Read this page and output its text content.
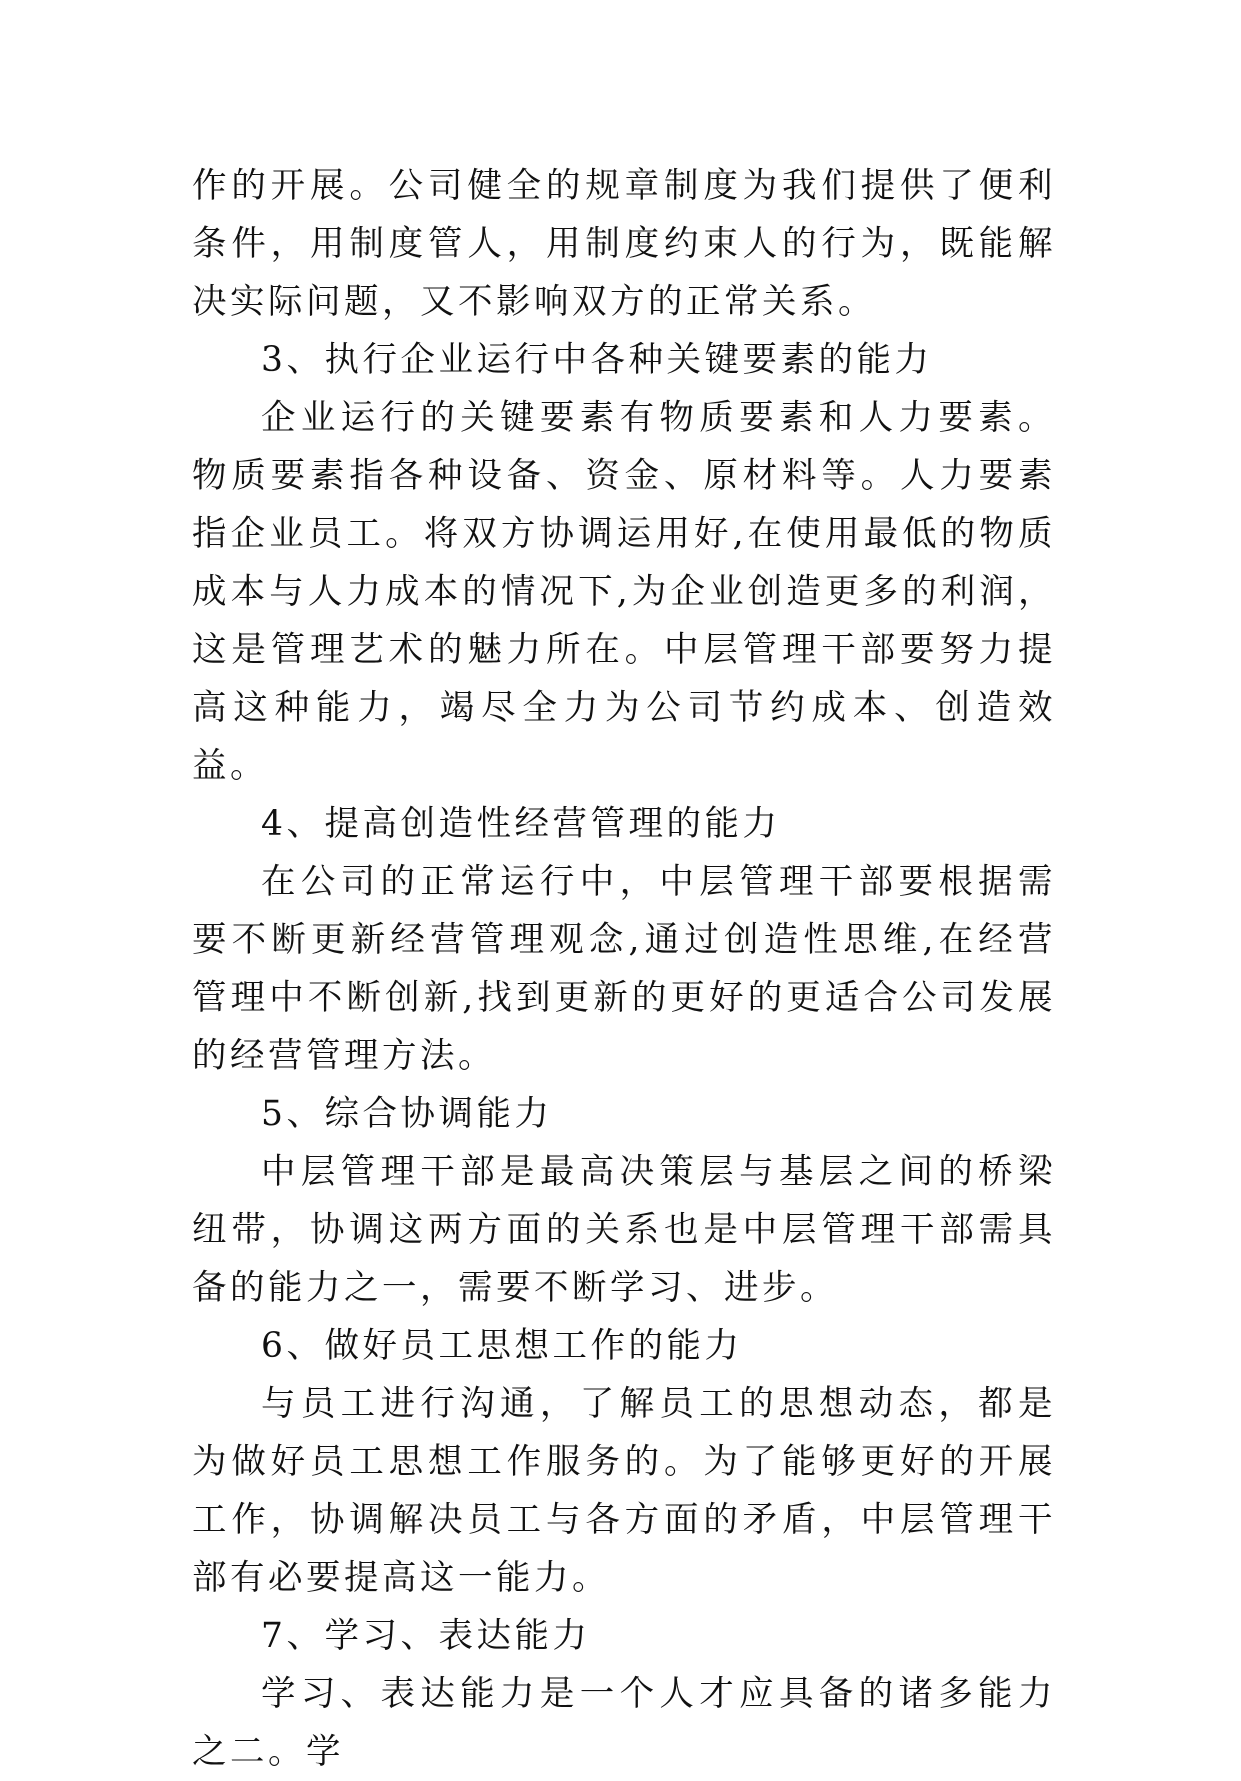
作的开展。公司健全的规章制度为我们提供了便利条件，用制度管人，用制度约束人的行为，既能解决实际问题，又不影响双方的正常关系。

3、执行企业运行中各种关键要素的能力

企业运行的关键要素有物质要素和人力要素。物质要素指各种设备、资金、原材料等。人力要素指企业员工。将双方协调运用好,在使用最低的物质成本与人力成本的情况下,为企业创造更多的利润，这是管理艺术的魅力所在。中层管理干部要努力提高这种能力，竭尽全力为公司节约成本、创造效益。

4、提高创造性经营管理的能力

在公司的正常运行中，中层管理干部要根据需要不断更新经营管理观念,通过创造性思维,在经营管理中不断创新,找到更新的更好的更适合公司发展的经营管理方法。

5、综合协调能力

中层管理干部是最高决策层与基层之间的桥梁纽带，协调这两方面的关系也是中层管理干部需具备的能力之一，需要不断学习、进步。

6、做好员工思想工作的能力

与员工进行沟通，了解员工的思想动态，都是为做好员工思想工作服务的。为了能够更好的开展工作，协调解决员工与各方面的矛盾，中层管理干部有必要提高这一能力。

7、学习、表达能力

学习、表达能力是一个人才应具备的诸多能力之二。学
